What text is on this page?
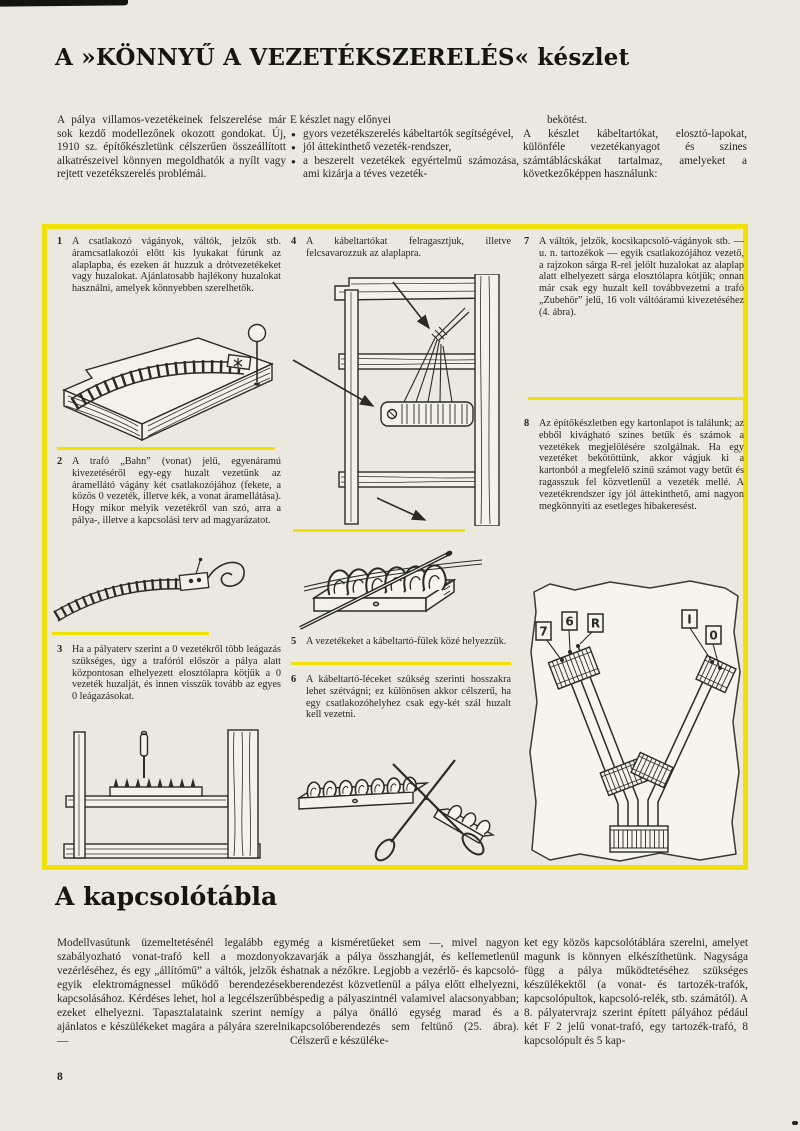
A »KÖNNYŰ A VEZETÉKSZERELÉS« készlet

A pálya villamos-vezetékeinek felszerelése már sok kezdő modellezőnek okozott gondokat. Új, 1910 sz. építőkészletünk célszerűen összeállított alkatrészeivel könnyen megoldhatók a nyílt vagy rejtett vezetékszerelés problémái.

E készlet nagy előnyei

● gyors vezetékszerelés kábeltartók segítségével,
● jól áttekinthető vezeték-rendszer,
● a beszerelt vezetékek egyértelmű számozása, ami kizárja a téves vezeték-

bekötést.

A készlet kábeltartókat, elosztó-lapokat, különféle vezetékanyagot és szines számtáblácskákat tartalmaz, amelyeket a következőképpen használunk:

1 A csatlakozó vágányok, váltók, jelzők stb. áramcsatlakozói előtt kis lyukakat fúrunk az alaplapba, és ezeken át huzzuk a drótvezetékeket vagy huzalokat. Ajánlatosabb hajlékony huzalokat használni, amelyek könnyebben szerelhetők.

2 A trafó „Bahn” (vonat) jelű, egyenáramú kivezetéséről egy-egy huzalt vezetünk az áramellátó vágány két csatlakozójához (fekete, a közös 0 vezeték, illetve kék, a vonat áramellátása). Hogy mikor melyik vezetékről van szó, arra a pálya-, illetve a kapcsolási terv ad magyarázatot.

3 Ha a pályaterv szerint a 0 vezetékről több leágazás szükséges, úgy a trafóról először a pálya alatt központosan elhelyezett elosztólapra kötjük a 0 vezeték huzalját, és innen visszük tovább az egyes 0 leágazásokat.

4 A kábeltartókat felragasztjuk, illetve felcsavarozzuk az alaplapra.

5 A vezetékeket a kábeltartó-fülek közé helyezzük.

6 A kábeltartó-léceket szükség szerinti hosszakra lehet szétvágni; ez különösen akkor célszerű, ha egy csatlakozóhelyhez csak egy-két szál huzalt kell vezetni.

7 A váltók, jelzők, kocsikapcsoló-vágányok stb. — u. n. tartozékok — egyik csatlakozójához vezető, a rajzokon sárga R-rel jelölt huzalokat az alaplap alatt elhelyezett sárga elosztólapra kötjük; onnan már csak egy huzalt kell továbbvezetni a trafó „Zubehör” jelű, 16 volt váltóáramú kivezetéséhez (4. ábra).

8 Az építőkészletben egy kartonlapot is találunk; az ebből kivágható színes betűk és számok a vezetékek megjelölésére szolgálnak. Ha egy vezetéket bekötöttünk, akkor vágjuk ki a kartonból a megfelelő szinű számot vagy betűt és ragasszuk fel közvetlenül a vezeték mellé. A vezetékrendszer így jól áttekinthető, ami nagyon megkönnyíti az esetleges hibakeresést.

7
6 R	I
0
A kapcsolótábla

Modellvasútunk üzemeltetésénél legalább egy szabályozható vonat-trafó kell a mozdonyok vezérléséhez, és egy „állítómű” a váltók, jelzők és egyik elektromágnessel működő berendezések kapcsolásához. Kérdéses lehet, hol a legcélszerűbb ezeket elhelyezni. Tapasztalataink szerint nem ajánlatos e készülékeket magára a pályára szerelni —

még a kisméretűeket sem —, mivel nagyon zavarják a pálya összhangját, és kellemetlenül hatnak a nézőkre. Legjobb a vezérlő- és kapcsoló-berendezést közvetlenül a pálya előtt elhelyezni, éspedig a pályaszintnél valamivel alacsonyabban; így a pálya önálló egység marad és a kapcsolóberendezés sem feltünő (25. ábra). Célszerű e készüléke-

ket egy közös kapcsolótáblára szerelni, amelyet magunk is könnyen elkészíthetünk. Nagysága függ a pálya működtetéséhez szükséges készülékektől (a vonat- és tartozék-trafók, kapcsolópultok, kapcsoló-relék, stb. számától). A 8. pályatervrajz szerint épített pályához pédául két F 2 jelű vonat-trafó, egy tartozék-trafó, 8 kapcsolópult és 5 kap-

8
